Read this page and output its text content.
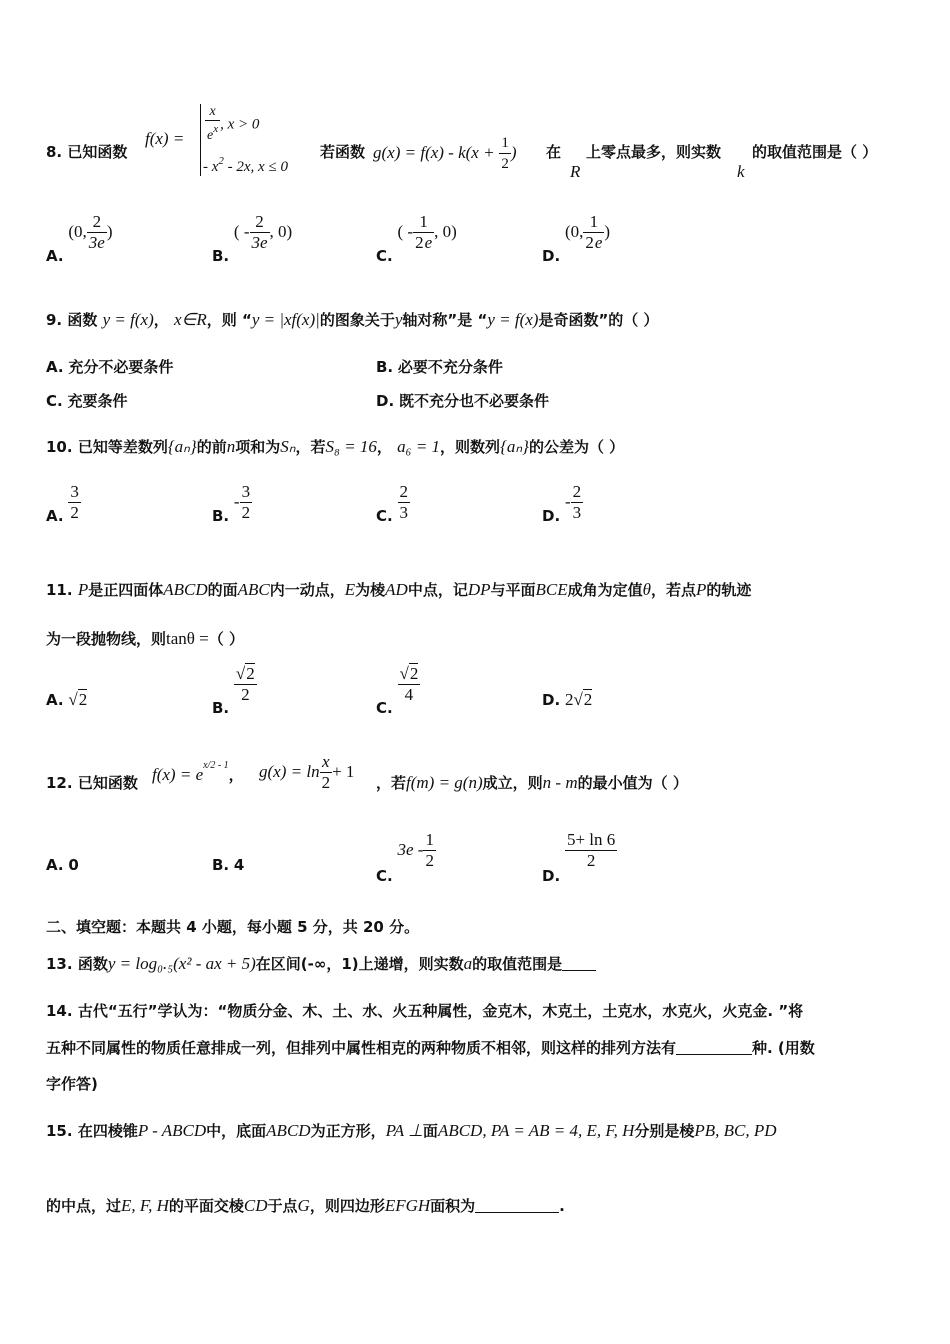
8. 已知函数
$f(x) = \frac{x}{e^x}$ , x > 0
- $x^2 - 2x$, x ≤ 0
若函数 $g(x) = f(x) - k(x + \frac{1}{2}$ ) 在
R
上零点最多，则实数
k
的取值范围是（ ）
A. (0, $\frac{2}{3e}$ )
B. ( - $\frac{2}{3e}$ , 0)
C. ( - $\frac{1}{2e}$ , 0)
D. (0, $\frac{1}{2e}$ )
9. 函数 y = f(x)， x∈R，则 “y = |xf(x)|的图象关于y轴对称”是 “y = f(x)是奇函数”的（ ）
A. 充分不必要条件	B. 必要不充分条件
C. 充要条件	D. 既不充分也不必要条件
10. 已知等差数列{aₙ}的前n项和为Sₙ，若S₈ = 16， a₆ = 1，则数列{aₙ}的公差为（ ）
A. $\frac{3}{2}$	B. - $\frac{3}{2}$	C. $\frac{2}{3}$	D. - $\frac{2}{3}$
11. P是正四面体ABCD的面ABC内一动点，E为棱AD中点，记DP与平面BCE成角为定值θ，若点P的轨迹
为一段抛物线，则tanθ =（ ）
A. √2	B.
$\frac{√2}{2}$
C.
$\frac{√2}{4}$	D. 2√2
12. 已知函数 $f(x) = e^{x/2 - 1}$， $g(x) = \ln \frac{x}{2} + 1$
，若f(m) = g(n)成立，则n - m的最小值为（ ）
A. 0	B. 4
C. $3e - \frac{1}{2}$
D.
$\frac{5+ \ln 6}{2}$
二、填空题：本题共 4 小题，每小题 5 分，共 20 分。
13. 函数y = log₀.₅(x² - ax + 5)在区间(-∞，1)上递增，则实数a的取值范围是
14. 古代“五行”学认为：“物质分金、木、土、水、火五种属性，金克木，木克土，土克水，水克火，火克金. ”将
五种不同属性的物质任意排成一列，但排列中属性相克的两种物质不相邻，则这样的排列方法有	种. (用数
字作答)
15. 在四棱锥P - ABCD中，底面ABCD为正方形，PA ⊥面ABCD, PA = AB = 4, E, F, H分别是棱PB, BC, PD
的中点，过E, F, H的平面交棱CD于点G，则四边形EFGH面积为	.
